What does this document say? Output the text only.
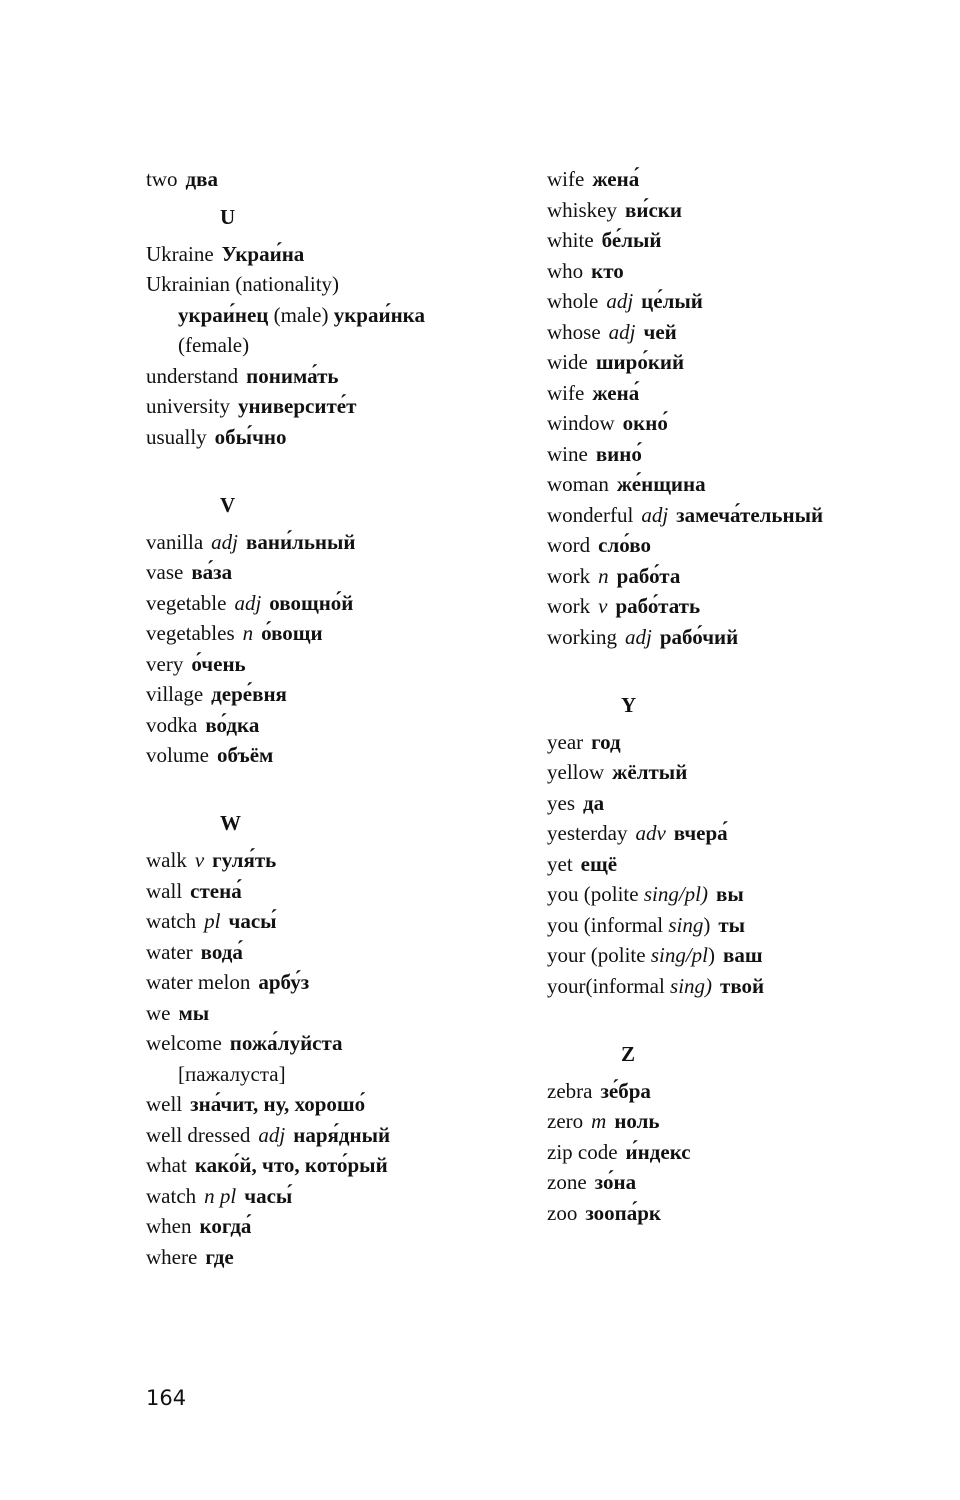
two два
U
Ukraine Украи́на
Ukrainian (nationality)
украи́нец (male) украи́нка
(female)
understand понима́ть
university университе́т
usually обы́чно
V
vanilla adj вани́льный
vase ва́за
vegetable adj овощно́й
vegetables n о́вощи
very о́чень
village дере́вня
vodka во́дка
volume объём
W
walk v гуля́ть
wall стена́
watch pl часы́
water вода́
water melon арбу́з
we мы
welcome пожа́луйста
[пажалуста]
well зна́чит, ну, хорошо́
well dressed adj наря́дный
what како́й, что, кото́рый
watch n pl часы́
when когда́
where где
wife жена́
whiskey ви́ски
white бе́лый
who кто
whole adj це́лый
whose adj чей
wide широ́кий
wife жена́
window окно́
wine вино́
woman же́нщина
wonderful adj замеча́тельный
word сло́во
work n рабо́та
work v рабо́тать
working adj рабо́чий
Y
year год
yellow жёлтый
yes да
yesterday adv вчера́
yet ещё
you (polite sing/pl) вы
you (informal sing) ты
your (polite sing/pl) ваш
your(informal sing) твой
Z
zebra зе́бра
zero m ноль
zip code и́ндекс
zone зо́на
zoo зоопа́рк
164
